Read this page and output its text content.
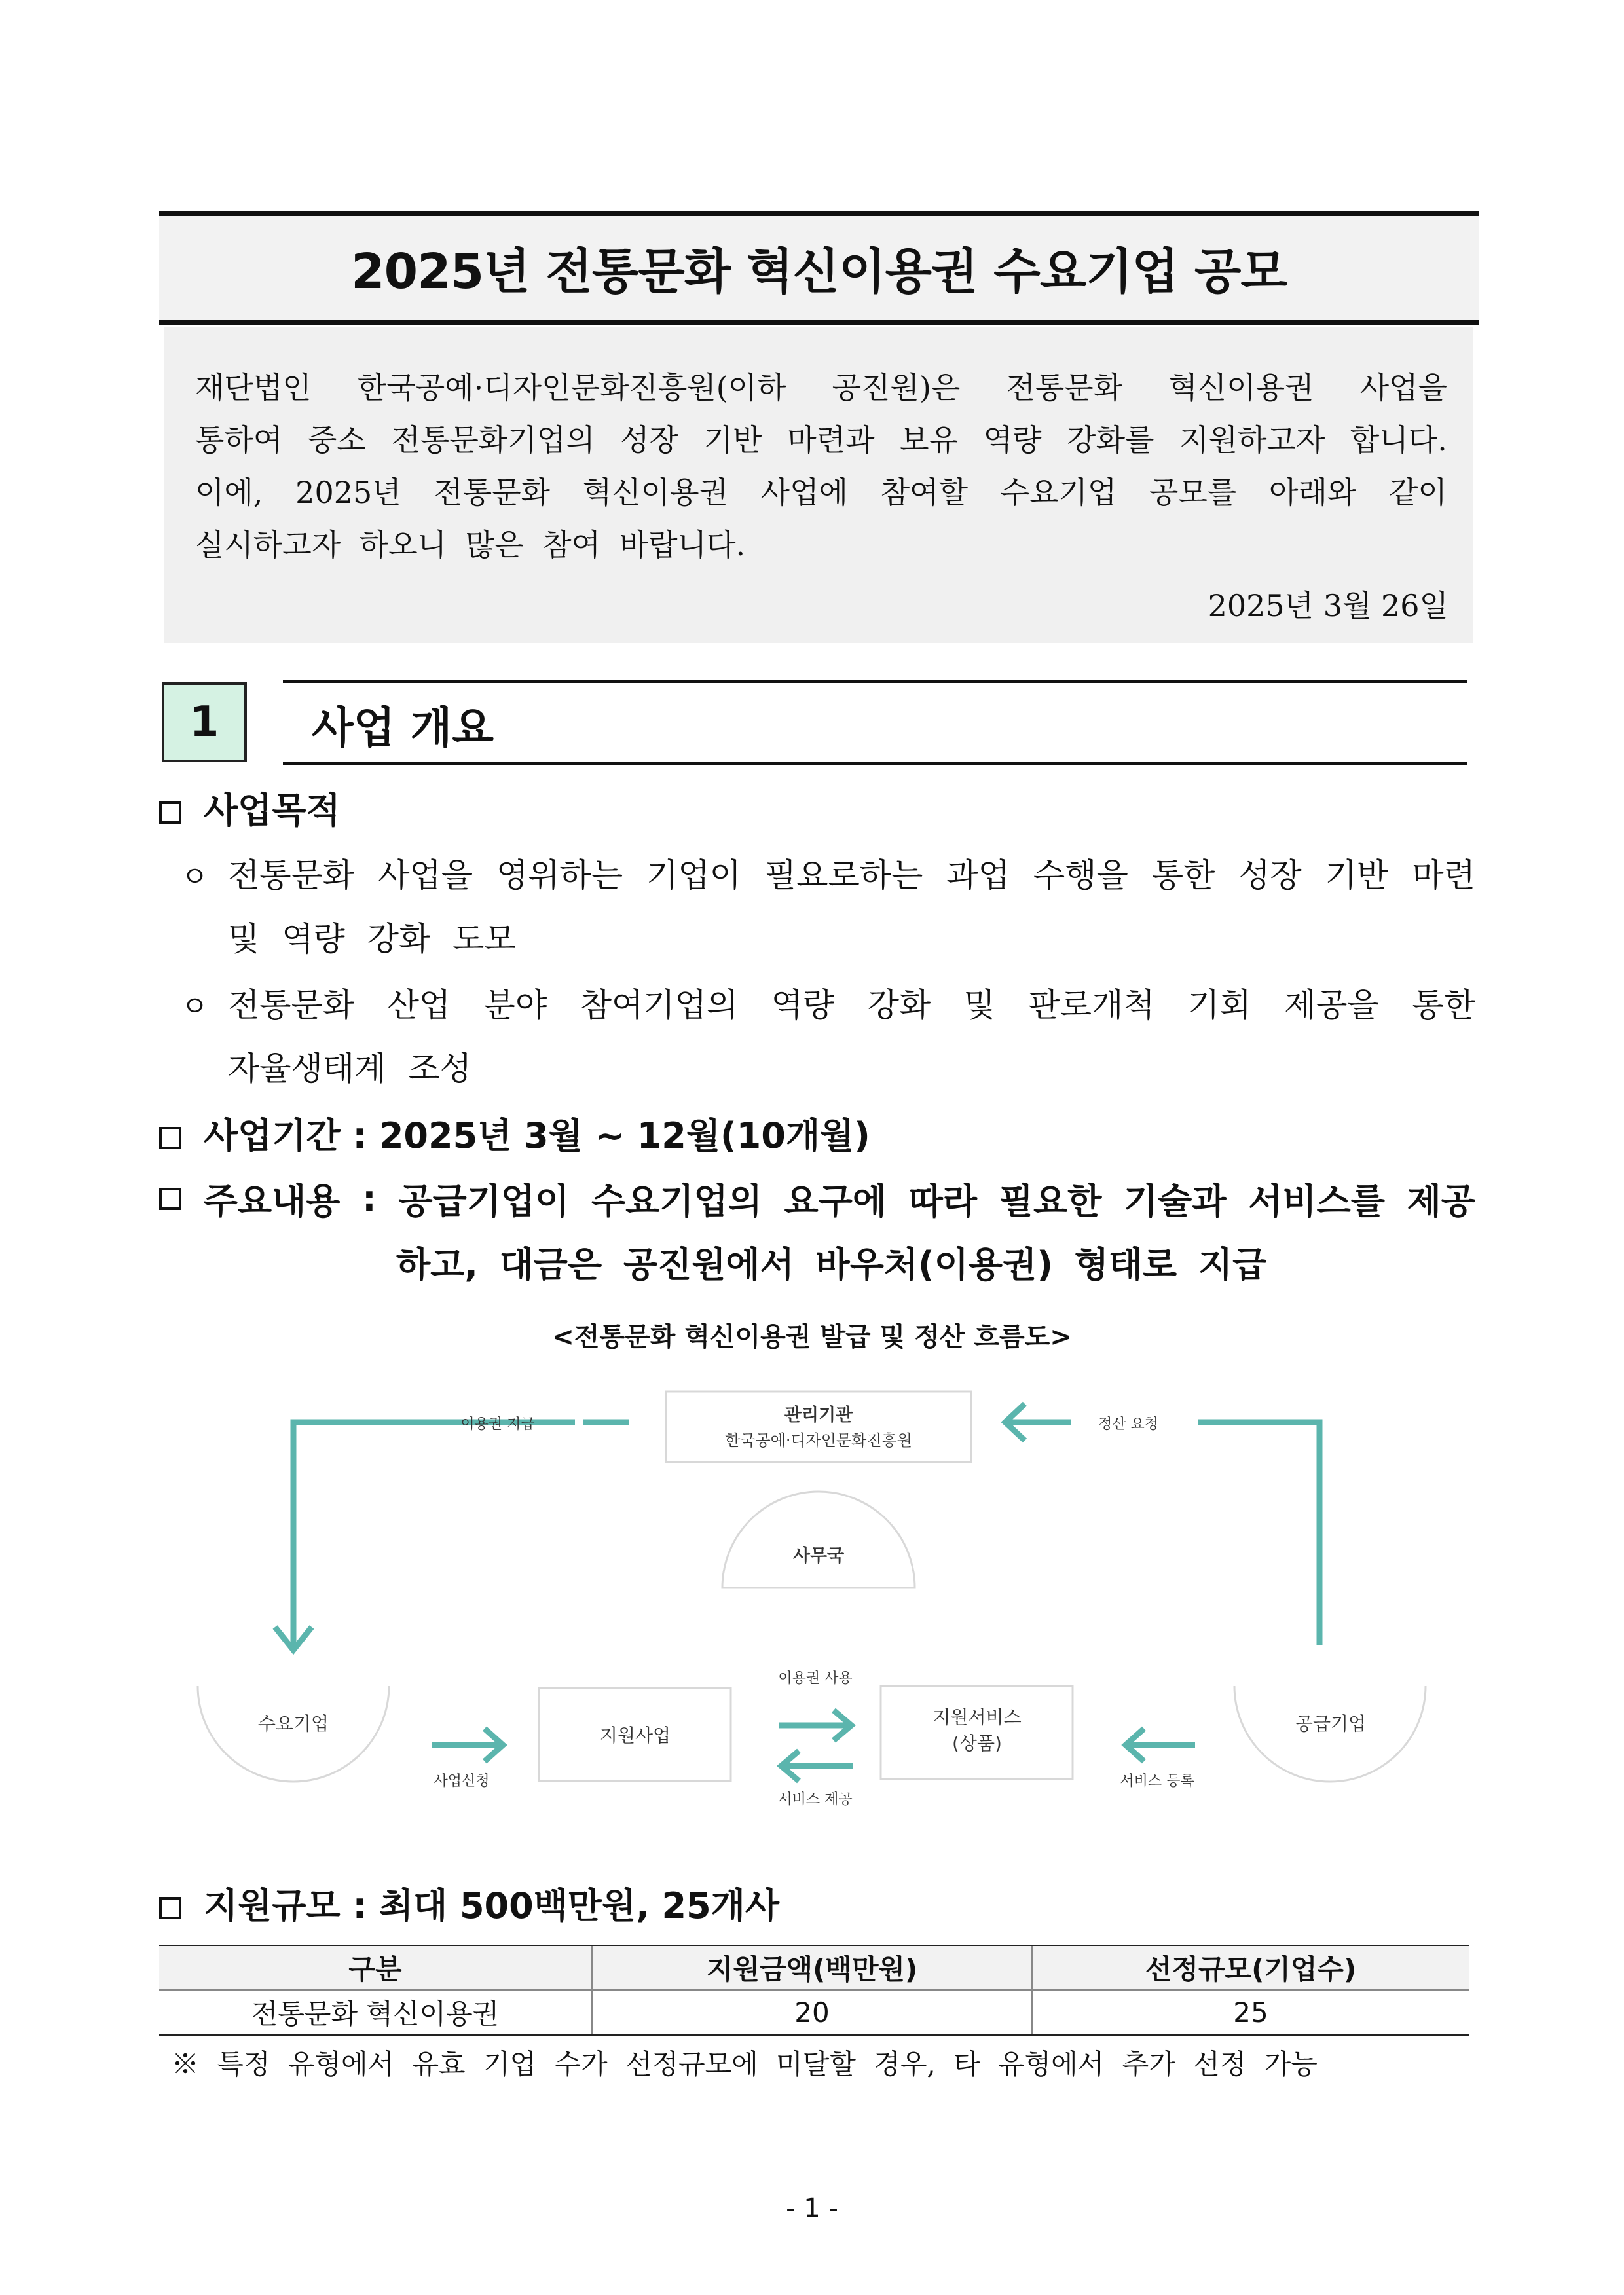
2025년 전통문화 혁신이용권 수요기업 공모
재단법인 한국공예·디자인문화진흥원(이하 공진원)은 전통문화 혁신이용권 사업을
통하여 중소 전통문화기업의 성장 기반 마련과 보유 역량 강화를 지원하고자 합니다.
이에, 2025년 전통문화 혁신이용권 사업에 참여할 수요기업 공모를 아래와 같이
실시하고자 하오니 많은 참여 바랍니다.
2025년 3월 26일
1	사업 개요
사업목적
ㅇ 전통문화 사업을 영위하는 기업이 필요로하는 과업 수행을 통한 성장 기반 마련
및 역량 강화 도모
ㅇ 전통문화 산업 분야 참여기업의 역량 강화 및 판로개척 기회 제공을 통한
자율생태계 조성
사업기간 : 2025년 3월 ~ 12월(10개월)
주요내용 : 공급기업이 수요기업의 요구에 따라 필요한 기술과 서비스를 제공
하고, 대금은 공진원에서 바우처(이용권) 형태로 지급
<전통문화 혁신이용권 발급 및 정산 흐름도>
관리기관
한국공예·디자인문화진흥원
사무국
수요기업
지원사업
지원서비스
(상품)
공급기업
이용권 지급	정산 요청
사업신청
이용권 사용
서비스 제공
서비스 등록
지원규모 : 최대 500백만원, 25개사
구분	지원금액(백만원)	선정규모(기업수)
전통문화 혁신이용권	20	25
※ 특정 유형에서 유효 기업 수가 선정규모에 미달할 경우, 타 유형에서 추가 선정 가능
- 1 -
